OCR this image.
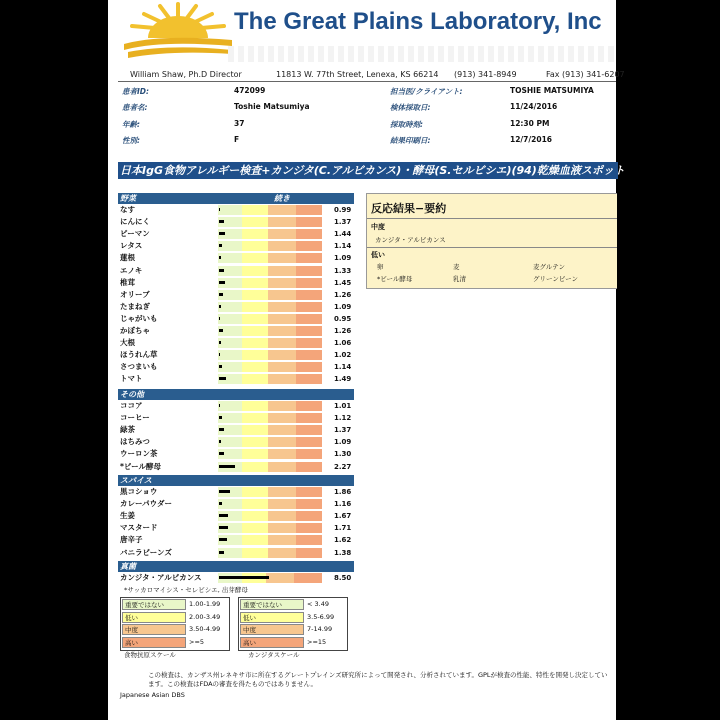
The Great Plains Laboratory, Inc
William Shaw, Ph.D Director	11813 W. 77th Street, Lenexa, KS 66214 (913) 341-8949	Fax (913) 341-6207
患者ID:	472099
患者名:	Toshie Matsumiya
年齢:	37
性別:	F
担当医/クライアント:	TOSHIE MATSUMIYA
検体採取日:	11/24/2016
採取時刻:	12:30 PM
結果印刷日:	12/7/2016
日本IgG食物アレルギー検査+カンジタ(C.アルビカンス)・酵母(S.セルビシエ)(94)乾燥血液スポット
野菜	続き
なす	0.99
にんにく	1.37
ピーマン	1.44
レタス	1.14
蓮根	1.09
エノキ	1.33
椎茸	1.45
オリーブ	1.26
たまねぎ	1.09
じゃがいも	0.95
かぼちゃ	1.26
大根	1.06
ほうれん草	1.02
さつまいも	1.14
トマト	1.49
その他
ココア	1.01
コーヒー	1.12
緑茶	1.37
はちみつ	1.09
ウーロン茶	1.30
*ビール酵母	2.27
スパイス
黒コショウ	1.86
カレーパウダー	1.16
生姜	1.67
マスタード	1.71
唐辛子	1.62
バニラビーンズ	1.38
真菌
カンジタ・アルビカンス	8.50
反応結果−要約
中度
カンジタ・アルビカンス
低い
卵	麦	麦グルテン
*ビール酵母	乳清	グリーンビーン
*サッカロマイシス・セレビシエ, 出芽酵母
重要ではない	1.00-1.99
低い	2.00-3.49
中度	3.50-4.99
高い	>=5
食物抗原スケール
重要ではない	< 3.49
低い	3.5-6.99
中度	7-14.99
高い	>=15
カンジタスケール
この検査は、カンザス州レネキサ市に所在するグレートプレインズ研究所によって開発され、分析されています。GPLが検査の性能、特性を開発し決定してい
ます。この検査はFDAの審査を得たものではありません。
Japanese Asian DBS
